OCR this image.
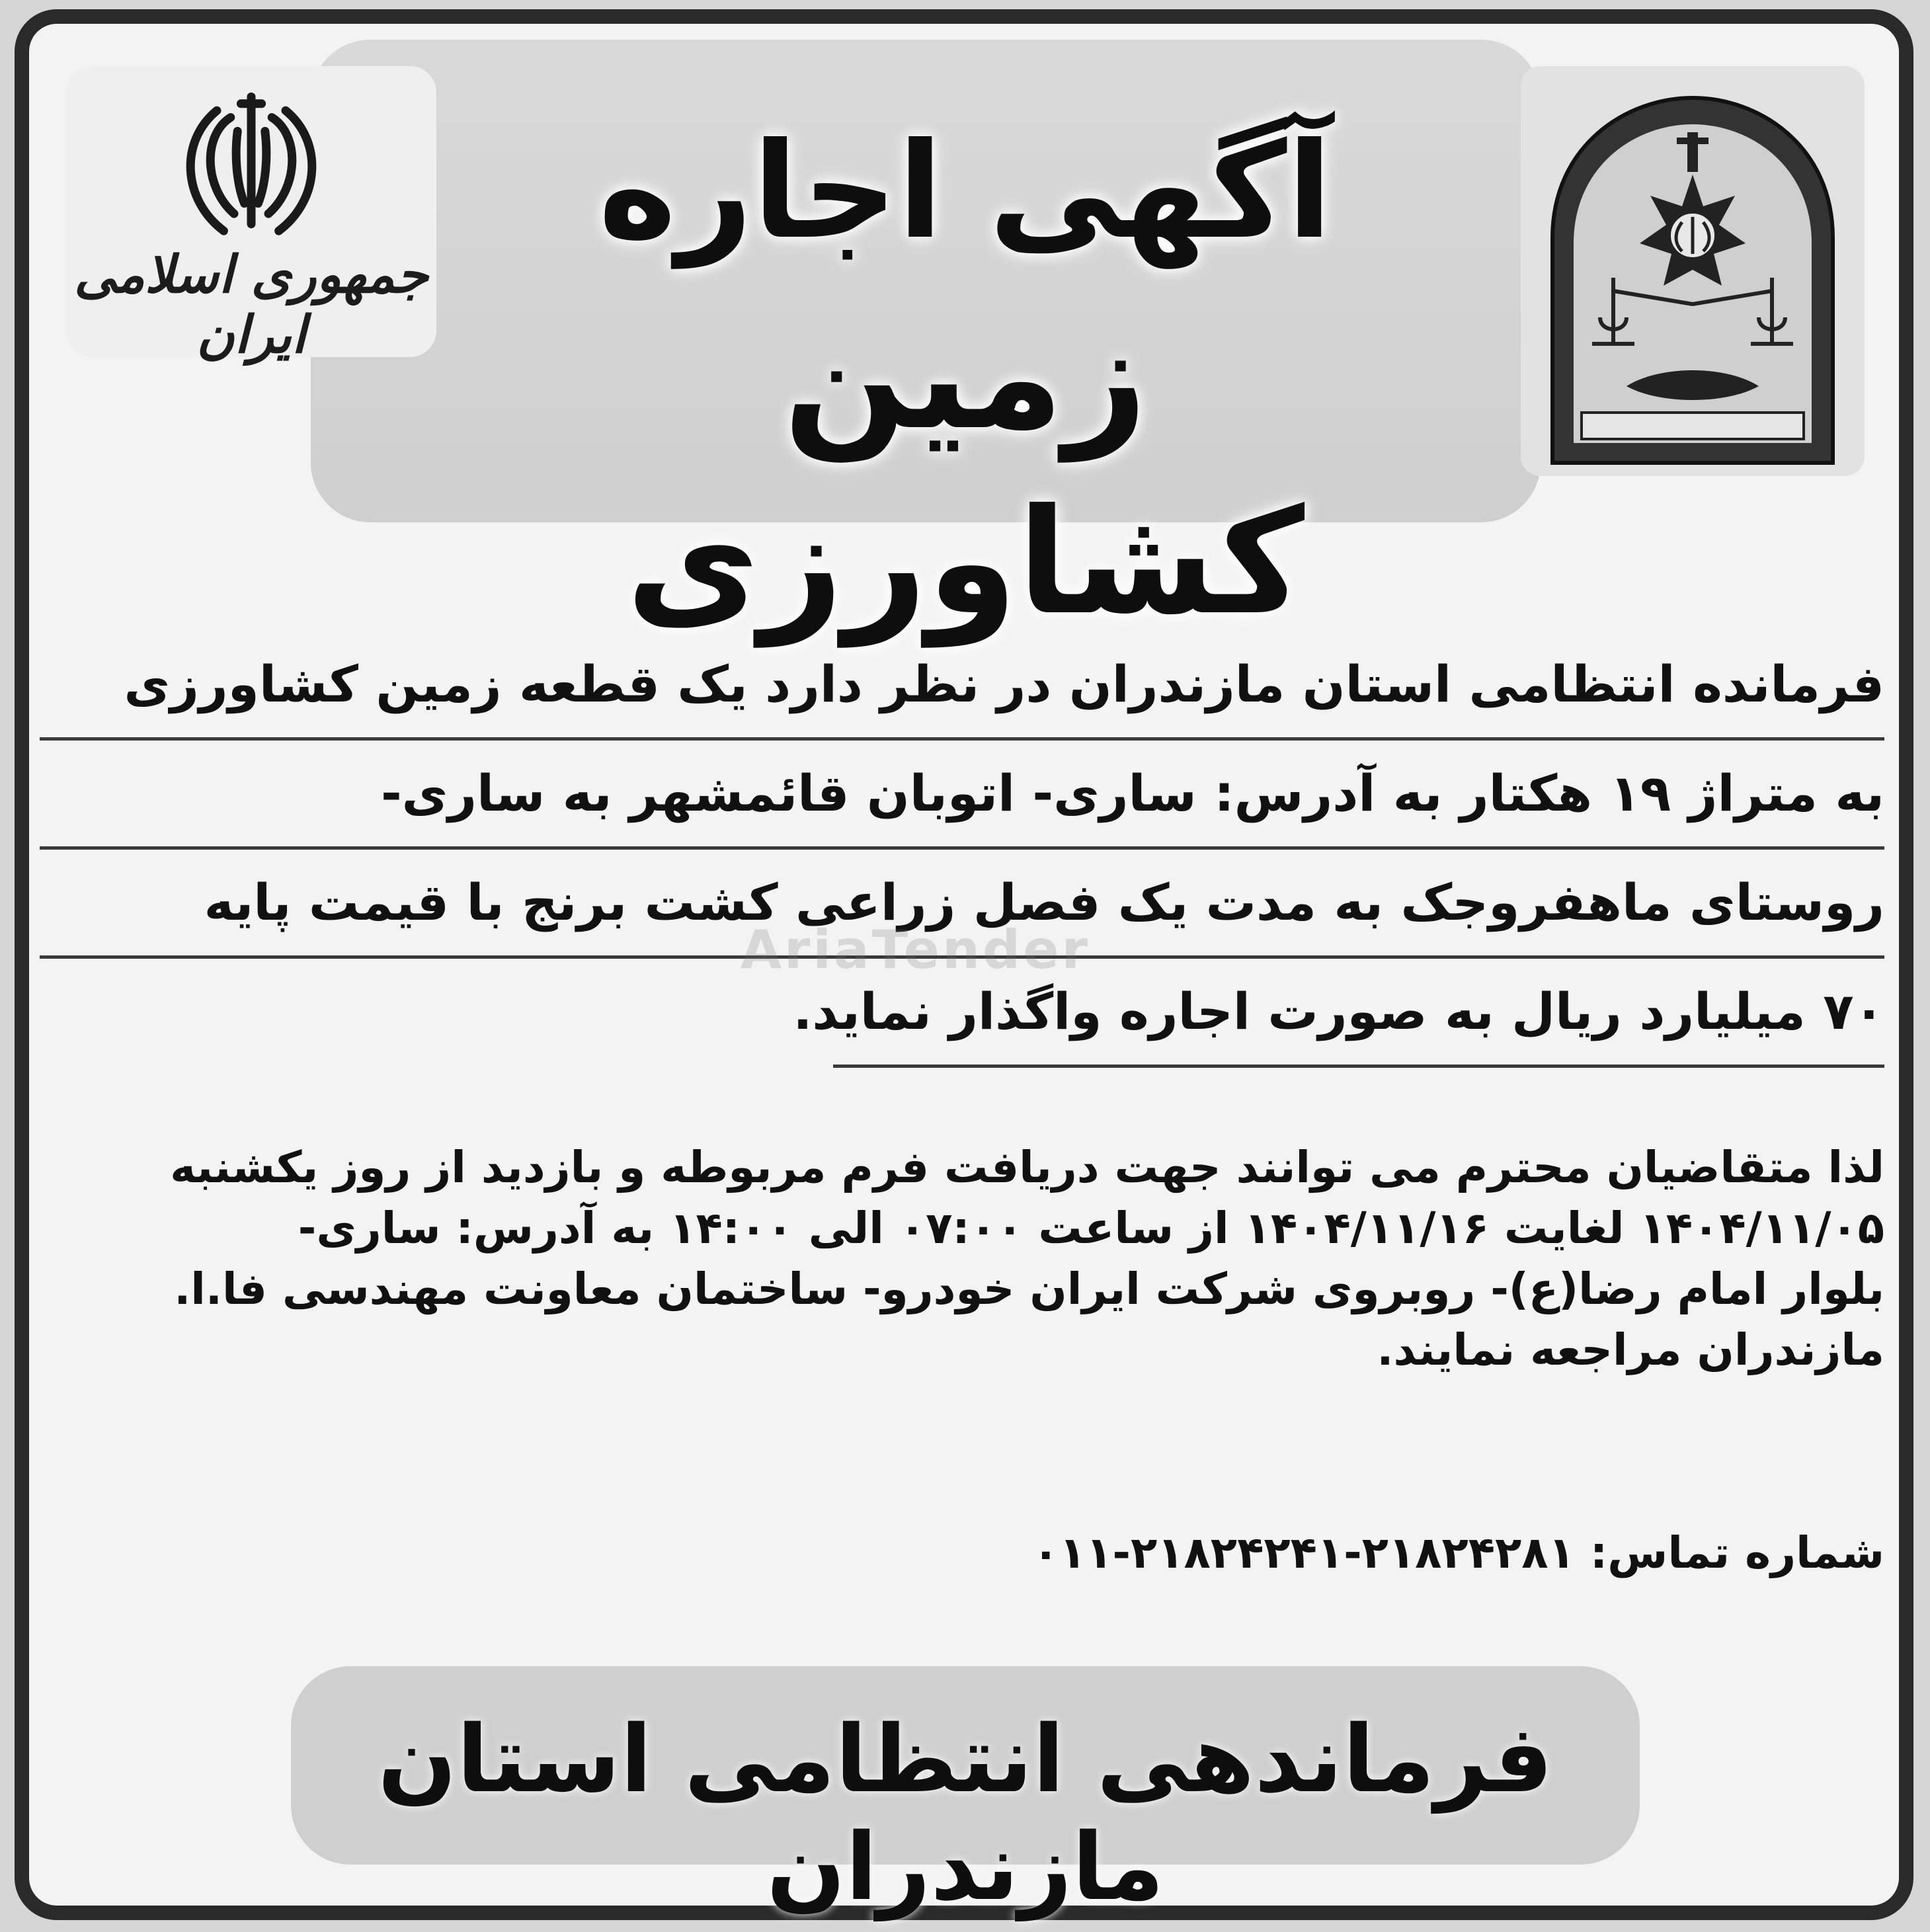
جمهوری اسلامی ایران
آگهی اجاره
زمین کشاورزی
فرمانده انتظامی استان مازندران در نظر دارد یک قطعه زمین کشاورزی
به متراژ ۱۹ هکتار به آدرس: ساری- اتوبان قائمشهر به ساری-
روستای ماهفروجک به مدت یک فصل زراعی کشت برنج با قیمت پایه
۷۰ میلیارد ریال به صورت اجاره واگذار نماید.
AriaTender
لذا متقاضیان محترم می توانند جهت دریافت فرم مربوطه و بازدید از روز یکشنبه
۱۴۰۴/۱۱/۰۵ لغایت ۱۴۰۴/۱۱/۱۶ از ساعت ۰۷:۰۰ الی ۱۴:۰۰ به آدرس: ساری-
بلوار امام رضا(ع)- روبروی شرکت ایران خودرو- ساختمان معاونت مهندسی فا.ا.
مازندران مراجعه نمایند.
شماره تماس: ۲۱۸۲۴۲۸۱-۲۱۸۲۴۲۴۱-۰۱۱
فرماندهی انتظامی استان مازندران
